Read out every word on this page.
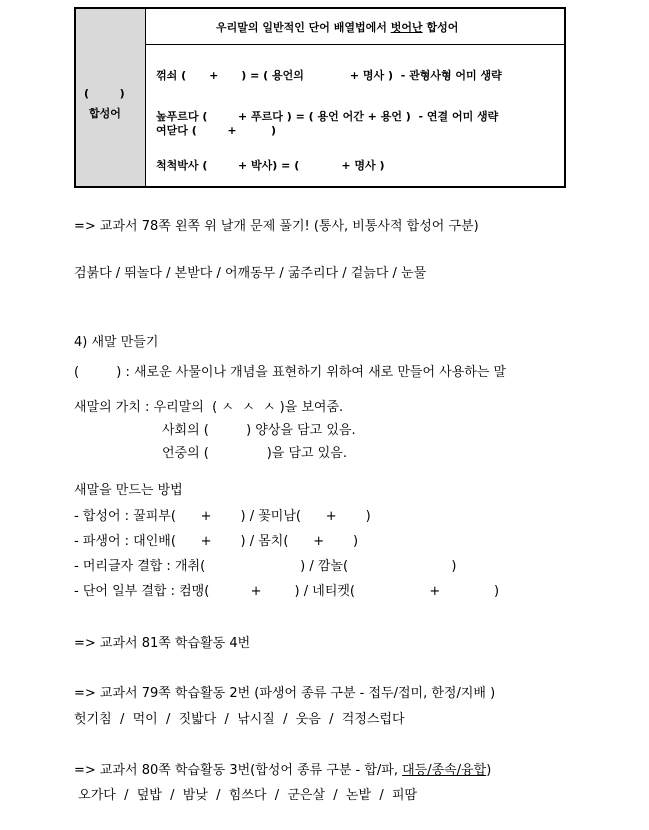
(        )
합성어
우리말의 일반적인 단어 배열법에서 벗어난 합성어
꺾쇠 (      +      ) = ( 용언의            + 명사 )  - 관형사형 어미 생략
높푸르다 (        + 푸르다 ) = ( 용언 어간 + 용언 )  - 연결 어미 생략
여닫다 (        +         )
척척박사 (        + 박사) = (           + 명사 )
=> 교과서 78쪽 왼쪽 위 날개 문제 풀기! (통사, 비통사적 합성어 구분)
검붉다 / 뛰놀다 / 본받다 / 어깨동무 / 굶주리다 / 겉늙다 / 눈물
4) 새말 만들기
(         ) : 새로운 사물이나 개념을 표현하기 위하여 새로 만들어 사용하는 말
새말의 가치 : 우리말의  ( ㅅ  ㅅ  ㅅ )을 보여줌.
사회의 (         ) 양상을 담고 있음.
언중의 (              )을 담고 있음.
새말을 만드는 방법
- 합성어 : 꿀피부(      +       ) / 꽃미남(      +       )
- 파생어 : 대인배(      +       ) / 몸치(      +       )
- 머리글자 결합 : 개취(                       ) / 깜놀(                         )
- 단어 일부 결합 : 컴맹(          +        ) / 네티켓(                  +             )
=> 교과서 81쪽 학습활동 4번
=> 교과서 79쪽 학습활동 2번 (파생어 종류 구분 - 접두/접미, 한정/지배 )
헛기침  /  먹이  /  짓밟다  /  낚시질  /  웃음  /  걱정스럽다
=> 교과서 80쪽 학습활동 3번(합성어 종류 구분 - 합/파, 대등/종속/융합)
오가다  /  덮밥  /  밤낮  /  힘쓰다  /  군은살  /  논밭  /  피땀
